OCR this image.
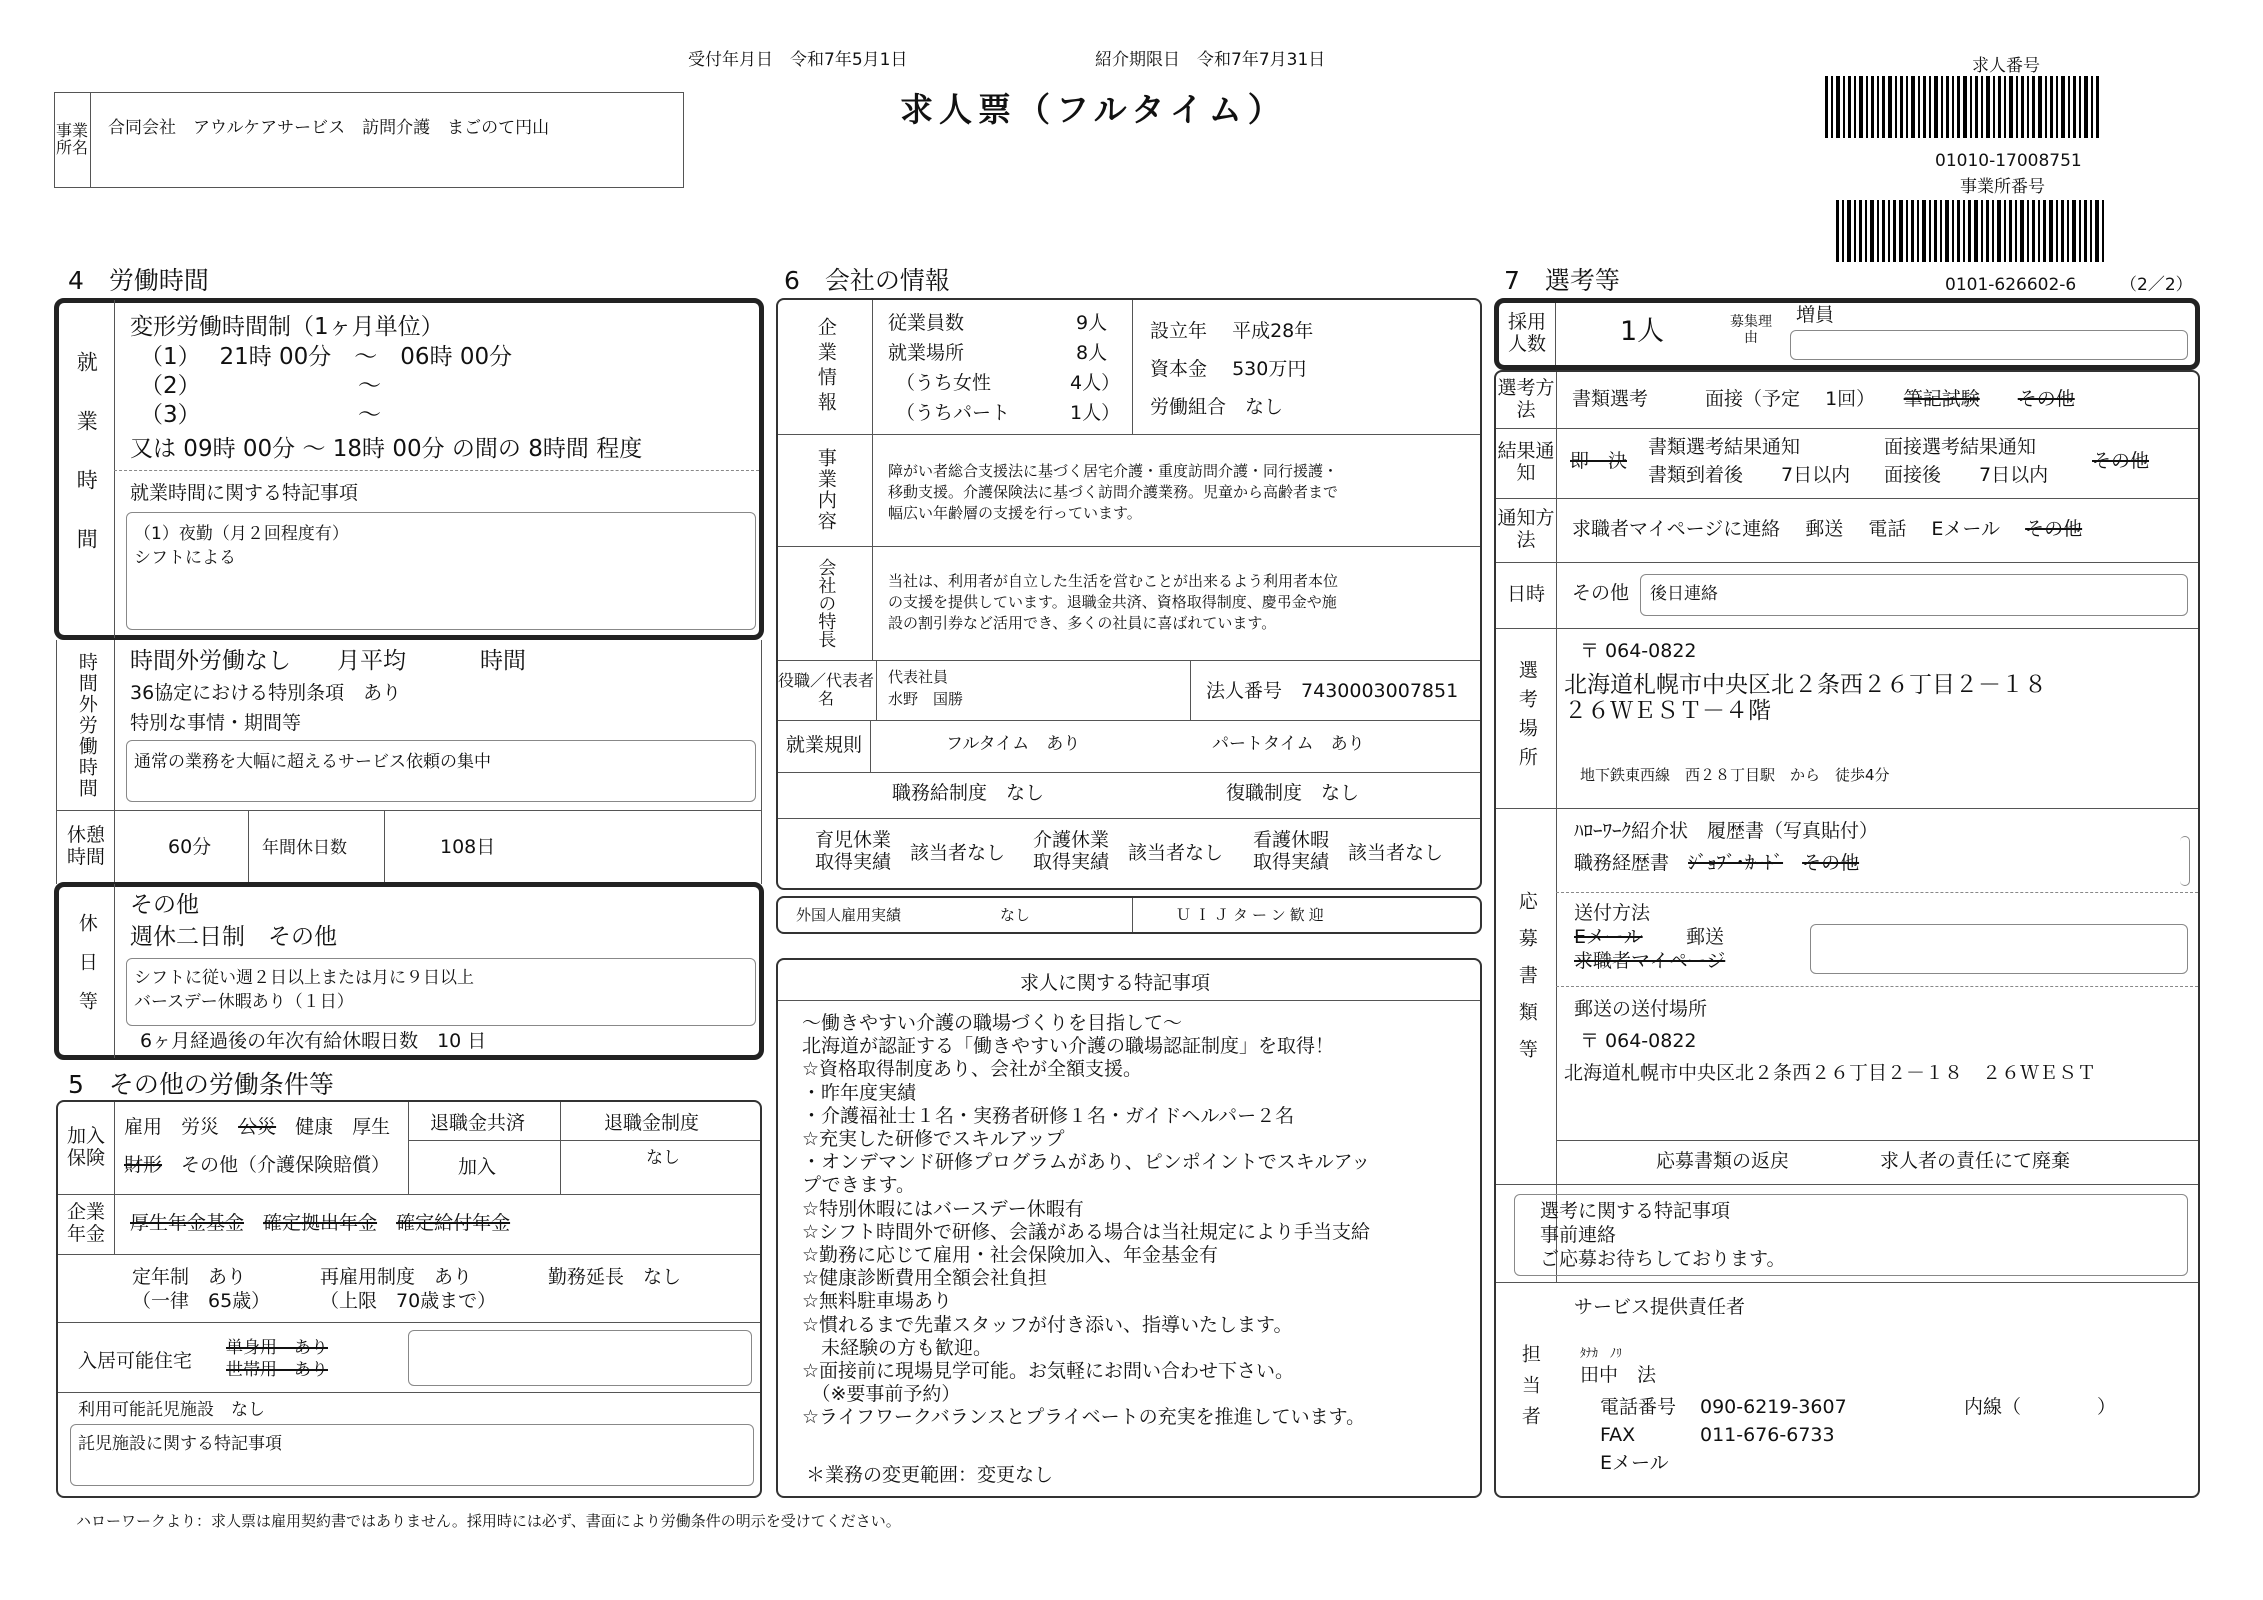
受付年月日　 令和7年5月1日	紹介期限日　 令和7年7月31日
求人票（フルタイム）
求人番号
01010-17008751
事業所番号
0101-626602-6	（2／2）
事業所名
合同会社　アウルケアサービス　訪問介護　まごのて円山
4　労働時間
就業時間
変形労働時間制（1ヶ月単位）
（1）　 21時 00分　～　06時 00分
（2）	～
（3）	～
又は 09時 00分 ～ 18時 00分 の間の 8時間 程度
就業時間に関する特記事項
（1）夜勤（月２回程度有）
シフトによる
時間外労働時間	時間外労働なし　　月平均	時間
36協定における特別条項　あり
特別な事情・期間等
通常の業務を大幅に超えるサービス依頼の集中
休憩時間	60分	年間休日数	108日
休日等
その他
週休二日制　その他
シフトに従い週２日以上または月に９日以上
バースデー休暇あり（１日）
6ヶ月経過後の年次有給休暇日数　10 日
5　その他の労働条件等
加入保険
雇用　 労災　 公災　 健康　 厚生
財形　 その他（介護保険賠償）
退職金共済
加入
退職金制度
なし
企業年金	厚生年金基金　 確定拠出年金　 確定給付年金
定年制　あり
（一律　65歳）
再雇用制度　あり
（上限　70歳まで）
勤務延長　なし
入居可能住宅
単身用　あり
世帯用　あり
利用可能託児施設　なし
託児施設に関する特記事項
6　会社の情報
企業情報	従業員数	9人
就業場所	8人
（うち女性	4人）
（うちパート	1人）
設立年　 平成28年
資本金　 530万円
労働組合　 なし
事業内容	障がい者総合支援法に基づく居宅介護・重度訪問介護・同行援護・
移動支援。介護保険法に基づく訪問介護業務。児童から高齢者まで
幅広い年齢層の支援を行っています。
会社の特長	当社は、利用者が自立した生活を営むことが出来るよう利用者本位
の支援を提供しています。退職金共済、資格取得制度、慶弔金や施
設の割引券など活用でき、多くの社員に喜ばれています。
役職／代表者名
代表社員
水野　国勝	法人番号　 7430003007851
就業規則	フルタイム　あり	パートタイム　あり
職務給制度　なし	復職制度　なし
育児休業取得実績	該当者なし
介護休業取得実績	該当者なし
看護休暇取得実績	該当者なし
外国人雇用実績	なし	ＵＩＪターン歓迎
求人に関する特記事項
～働きやすい介護の職場づくりを目指して～
北海道が認証する「働きやすい介護の職場認証制度」を取得！
☆資格取得制度あり、会社が全額支援。
・昨年度実績
・介護福祉士１名・実務者研修１名・ガイドヘルパー２名
☆充実した研修でスキルアップ
・オンデマンド研修プログラムがあり、ピンポイントでスキルアッ
プできます。
☆特別休暇にはバースデー休暇有
☆シフト時間外で研修、会議がある場合は当社規定により手当支給
☆勤務に応じて雇用・社会保険加入、年金基金有
☆健康診断費用全額会社負担
☆無料駐車場あり
☆慣れるまで先輩スタッフが付き添い、指導いたします。
　未経験の方も歓迎。
☆面接前に現場見学可能。お気軽にお問い合わせ下さい。
　（※要事前予約）
☆ライフワークバランスとプライベートの充実を推進しています。
＊業務の変更範囲：変更なし
7　選考等
採用人数	1人	募集理由
増員
選考方法	書類選考　　　	面接（予定　 1回）　　 筆記試験　　 その他
結果通知
即　決
書類選考結果通知
書類到着後　　7日以内
面接選考結果通知
面接後　　7日以内
その他
通知方法	求職者マイページに連絡　 郵送　 電話　 Eメール　 その他
日時	その他 後日連絡
選考場所
〒 064-0822
北海道札幌市中央区北２条西２６丁目２－１８
２６ＷＥＳＴ－４階
地下鉄東西線　西２８丁目駅　から　徒歩4分
応募書類等
ﾊﾛｰﾜｰｸ紹介状　履歴書（写真貼付）
職務経歴書　 ｼﾞｮﾌﾞ･ｶｰﾄﾞ　 その他
送付方法
Eメール 郵送
求職者マイページ
郵送の送付場所
〒 064-0822
北海道札幌市中央区北２条西２６丁目２－１８　２６ＷＥＳＴ
応募書類の返戻	求人者の責任にて廃棄
選考に関する特記事項
事前連絡
ご応募お待ちしております。
担当者
サービス提供責任者
ﾀﾅｶ　ﾉﾘ
田中　法
電話番号 090-6219-3607	内線（　　　　）
FAX	011-676-6733
Eメール
ハローワークより：求人票は雇用契約書ではありません。採用時には必ず、書面により労働条件の明示を受けてください。
